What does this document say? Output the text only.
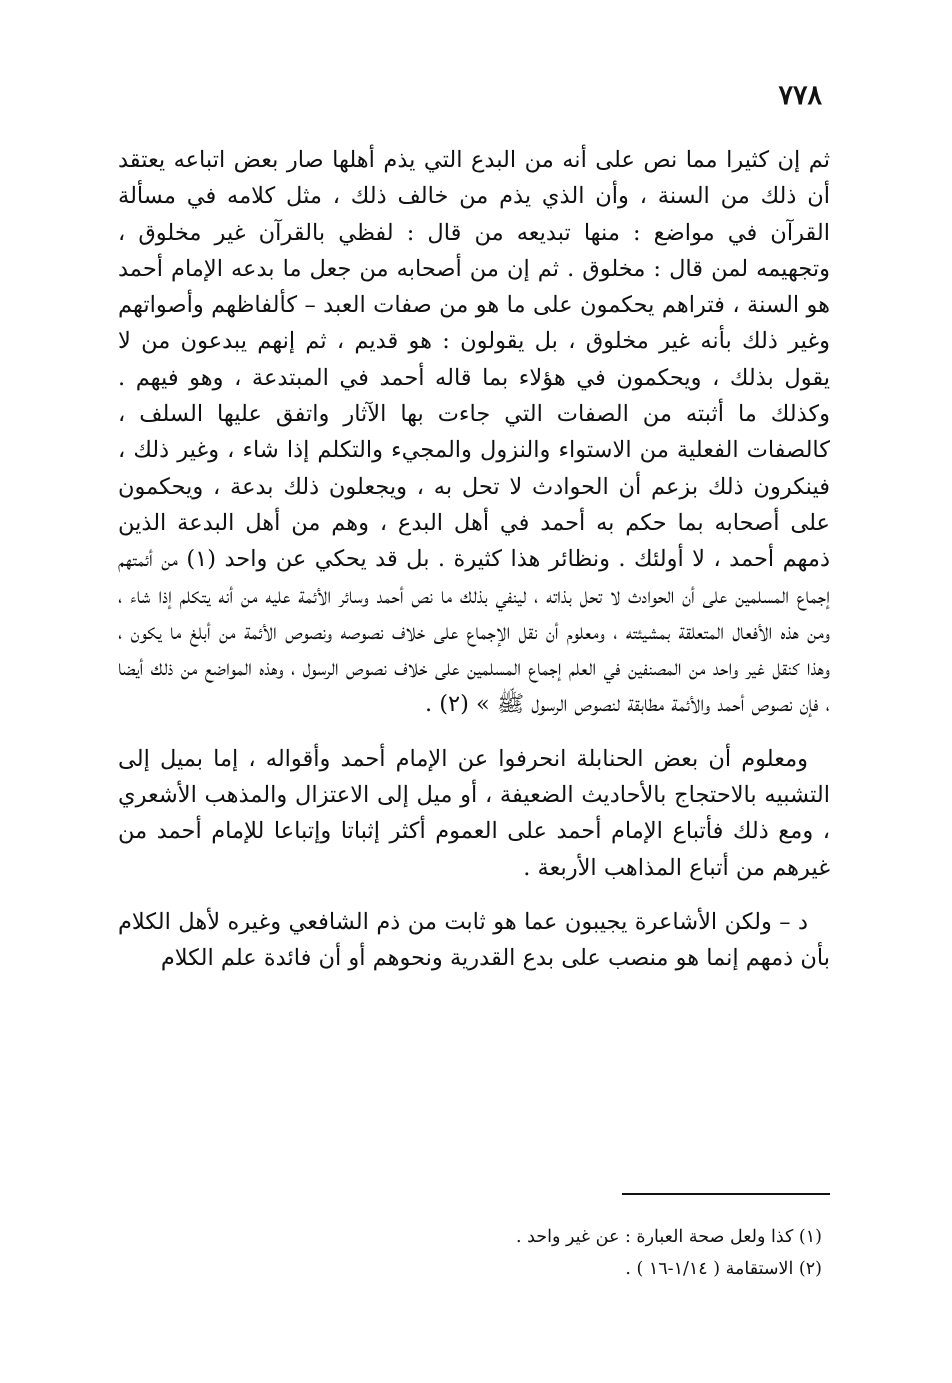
٧٧٨

ثم إن كثيرا مما نص على أنه من البدع التي يذم أهلها صار بعض اتباعه يعتقد أن ذلك من السنة ، وأن الذي يذم من خالف ذلك ، مثل كلامه في مسألة القرآن في مواضع : منها تبديعه من قال : لفظي بالقرآن غير مخلوق ، وتجهيمه لمن قال : مخلوق . ثم إن من أصحابه من جعل ما بدعه الإمام أحمد هو السنة ، فتراهم يحكمون على ما هو من صفات العبد – كألفاظهم وأصواتهم وغير ذلك بأنه غير مخلوق ، بل يقولون : هو قديم ، ثم إنهم يبدعون من لا يقول بذلك ، ويحكمون في هؤلاء بما قاله أحمد في المبتدعة ، وهو فيهم . وكذلك ما أثبته من الصفات التي جاءت بها الآثار واتفق عليها السلف ، كالصفات الفعلية من الاستواء والنزول والمجيء والتكلم إذا شاء ، وغير ذلك ، فينكرون ذلك بزعم أن الحوادث لا تحل به ، ويجعلون ذلك بدعة ، ويحكمون على أصحابه بما حكم به أحمد في أهل البدع ، وهم من أهل البدعة الذين ذمهم أحمد ، لا أولئك . ونظائر هذا كثيرة . بل قد يحكي عن واحد (١) من أئمتهم إجماع المسلمين على أن الحوادث لا تحل بذاته ، لينفي بذلك ما نص أحمد وسائر الأئمة عليه من أنه يتكلم إذا شاء ، ومن هذه الأفعال المتعلقة بمشيئته ، ومعلوم أن نقل الإجماع على خلاف نصوصه ونصوص الأئمة من أبلغ ما يكون ، وهذا كنقل غير واحد من المصنفين في العلم إجماع المسلمين على خلاف نصوص الرسول ، وهذه المواضع من ذلك أيضا ، فإن نصوص أحمد والأئمة مطابقة لنصوص الرسول ﷺ » (٢) .

ومعلوم أن بعض الحنابلة انحرفوا عن الإمام أحمد وأقواله ، إما بميل إلى التشبيه بالاحتجاج بالأحاديث الضعيفة ، أو ميل إلى الاعتزال والمذهب الأشعري ، ومع ذلك فأتباع الإمام أحمد على العموم أكثر إثباتا وإتباعا للإمام أحمد من غيرهم من أتباع المذاهب الأربعة .

د – ولكن الأشاعرة يجيبون عما هو ثابت من ذم الشافعي وغيره لأهل الكلام بأن ذمهم إنما هو منصب على بدع القدرية ونحوهم أو أن فائدة علم الكلام

(١) كذا ولعل صحة العبارة : عن غير واحد .
(٢) الاستقامة ( ١/١٤-١٦ ) .
